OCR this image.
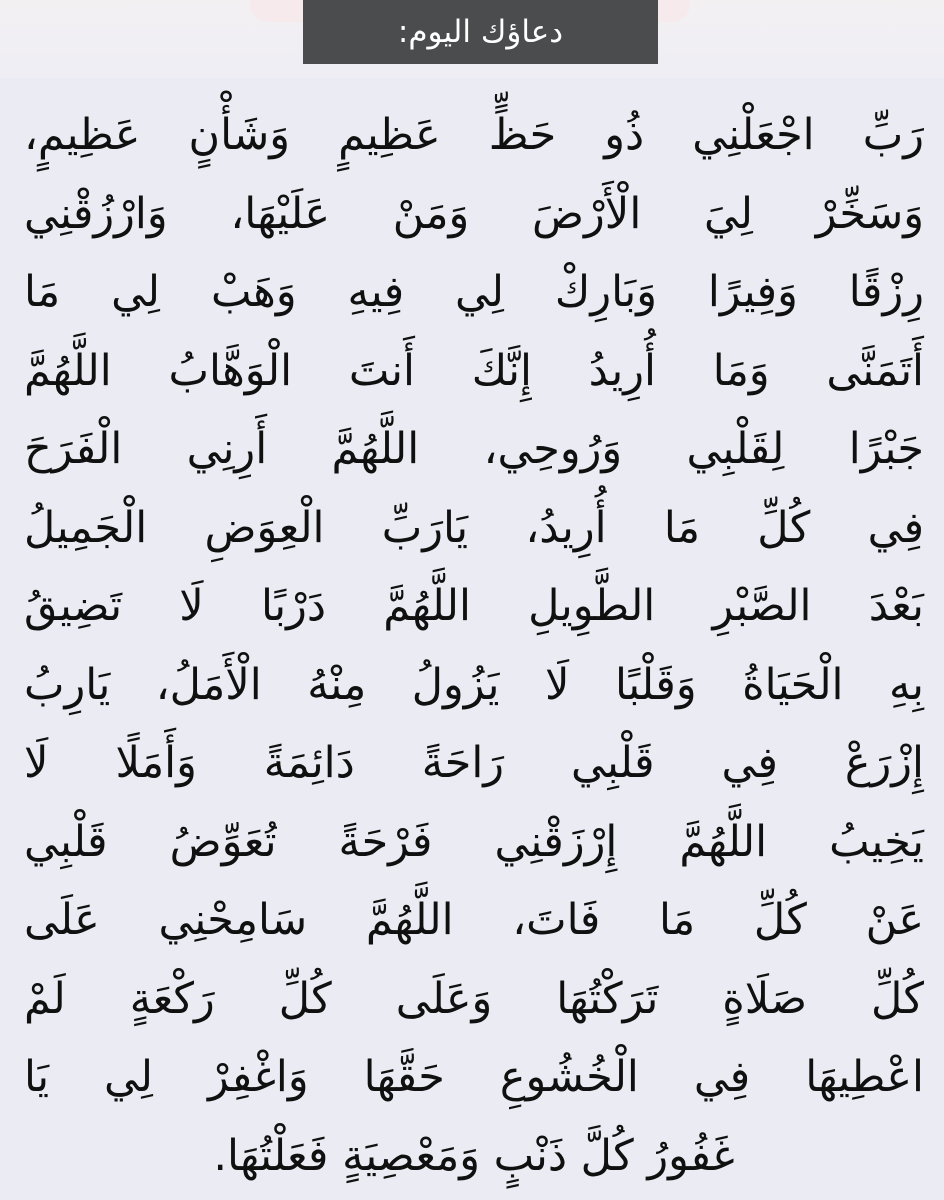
دعاؤك اليوم:
رَبِّ اجْعَلْنِي ذُو حَظٍّ عَظِيمٍ وَشَأْنٍ عَظِيمٍ،
وَسَخِّرْ لِيَ الْأَرْضَ وَمَنْ عَلَيْهَا، وَارْزُقْنِي
رِزْقًا وَفِيرًا وَبَارِكْ لِي فِيهِ وَهَبْ لِي مَا
أَتَمَنَّى وَمَا أُرِيدُ إِنَّكَ أَنتَ الْوَهَّابُ اللَّهُمَّ
جَبْرًا لِقَلْبِي وَرُوحِي، اللَّهُمَّ أَرِنِي الْفَرَحَ
فِي كُلِّ مَا أُرِيدُ، يَارَبِّ الْعِوَضِ الْجَمِيلُ
بَعْدَ الصَّبْرِ الطَّوِيلِ اللَّهُمَّ دَرْبًا لَا تَضِيقُ
بِهِ الْحَيَاةُ وَقَلْبًا لَا يَزُولُ مِنْهُ الْأَمَلُ، يَارِبُ
إِزْرَعْ فِي قَلْبِي رَاحَةً دَائِمَةً وَأَمَلًا لَا
يَخِيبُ اللَّهُمَّ إِرْزَقْنِي فَرْحَةً تُعَوِّضُ قَلْبِي
عَنْ كُلِّ مَا فَاتَ، اللَّهُمَّ سَامِحْنِي عَلَى
كُلِّ صَلَاةٍ تَرَكْتُهَا وَعَلَى كُلِّ رَكْعَةٍ لَمْ
اعْطِيهَا فِي الْخُشُوعِ حَقَّهَا وَاغْفِرْ لِي يَا
غَفُورُ كُلَّ ذَنْبٍ وَمَعْصِيَةٍ فَعَلْتُهَا.
